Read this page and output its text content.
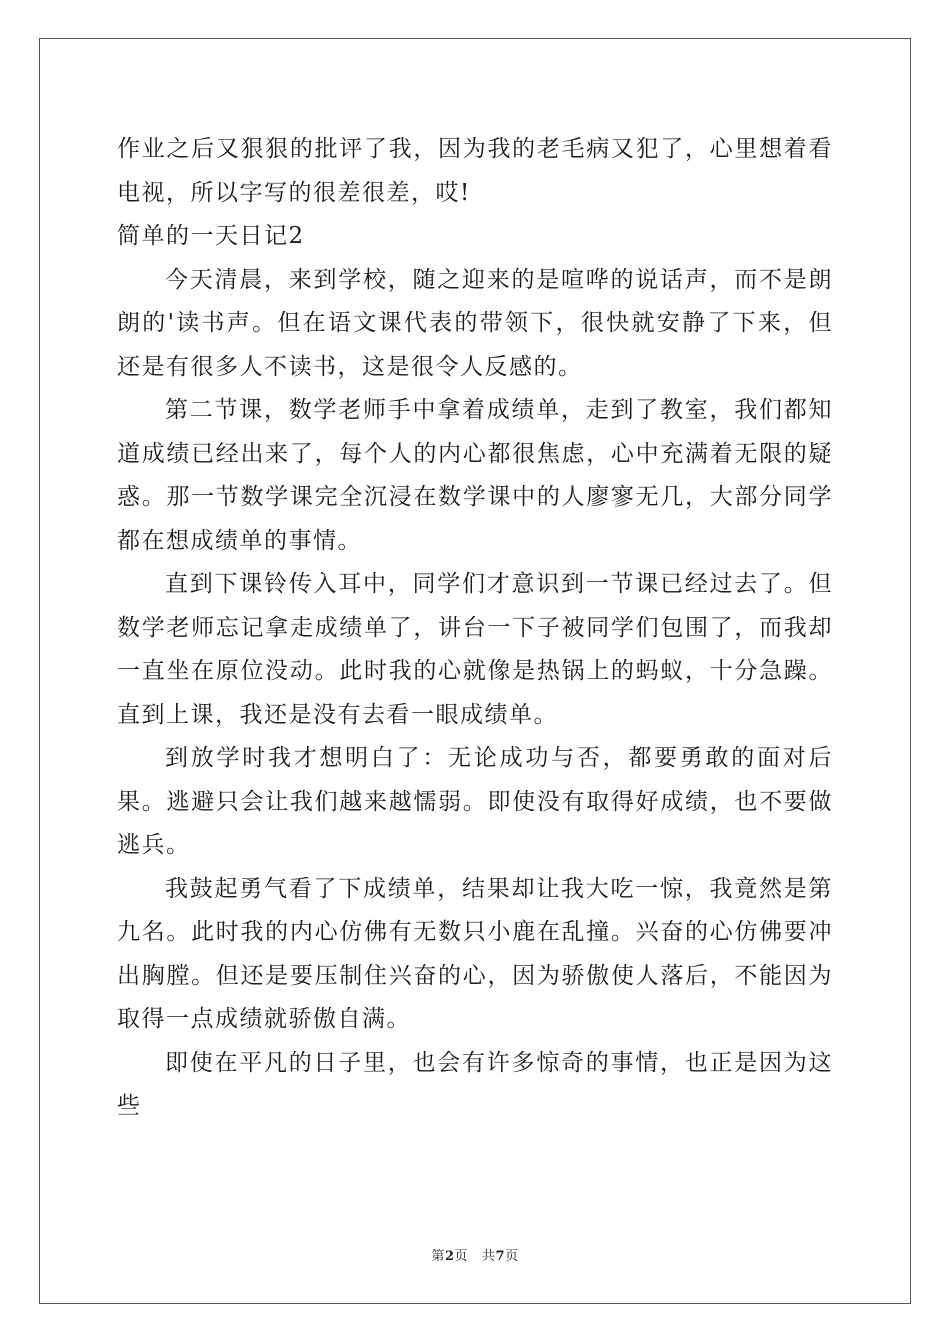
作业之后又狠狠的批评了我，因为我的老毛病又犯了，心里想着看电视，所以字写的很差很差，哎!

简单的一天日记2

今天清晨，来到学校，随之迎来的是喧哗的说话声，而不是朗朗的'读书声。但在语文课代表的带领下，很快就安静了下来，但还是有很多人不读书，这是很令人反感的。

第二节课，数学老师手中拿着成绩单，走到了教室，我们都知道成绩已经出来了，每个人的内心都很焦虑，心中充满着无限的疑惑。那一节数学课完全沉浸在数学课中的人廖寥无几，大部分同学都在想成绩单的事情。

直到下课铃传入耳中，同学们才意识到一节课已经过去了。但数学老师忘记拿走成绩单了，讲台一下子被同学们包围了，而我却一直坐在原位没动。此时我的心就像是热锅上的蚂蚁，十分急躁。直到上课，我还是没有去看一眼成绩单。

到放学时我才想明白了：无论成功与否，都要勇敢的面对后果。逃避只会让我们越来越懦弱。即使没有取得好成绩，也不要做逃兵。

我鼓起勇气看了下成绩单，结果却让我大吃一惊，我竟然是第九名。此时我的内心仿佛有无数只小鹿在乱撞。兴奋的心仿佛要冲出胸膛。但还是要压制住兴奋的心，因为骄傲使人落后，不能因为取得一点成绩就骄傲自满。

即使在平凡的日子里，也会有许多惊奇的事情，也正是因为这些

第2页 共7页
